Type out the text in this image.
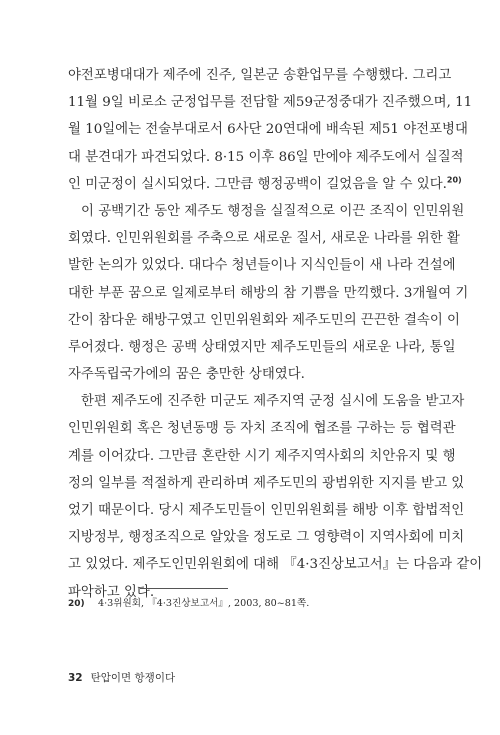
야전포병대대가 제주에 진주, 일본군 송환업무를 수행했다. 그리고
11월 9일 비로소 군정업무를 전담할 제59군정중대가 진주했으며, 11
월 10일에는 전술부대로서 6사단 20연대에 배속된 제51 야전포병대
대 분견대가 파견되었다. 8·15 이후 86일 만에야 제주도에서 실질적
인 미군정이 실시되었다. 그만큼 행정공백이 길었음을 알 수 있다.$^{20)}$
이 공백기간 동안 제주도 행정을 실질적으로 이끈 조직이 인민위원
회였다. 인민위원회를 주축으로 새로운 질서, 새로운 나라를 위한 활
발한 논의가 있었다. 대다수 청년들이나 지식인들이 새 나라 건설에
대한 부푼 꿈으로 일제로부터 해방의 참 기쁨을 만끽했다. 3개월여 기
간이 참다운 해방구였고 인민위원회와 제주도민의 끈끈한 결속이 이
루어졌다. 행정은 공백 상태였지만 제주도민들의 새로운 나라, 통일
자주독립국가에의 꿈은 충만한 상태였다.
한편 제주도에 진주한 미군도 제주지역 군정 실시에 도움을 받고자
인민위원회 혹은 청년동맹 등 자치 조직에 협조를 구하는 등 협력관
계를 이어갔다. 그만큼 혼란한 시기 제주지역사회의 치안유지 및 행
정의 일부를 적절하게 관리하며 제주도민의 광범위한 지지를 받고 있
었기 때문이다. 당시 제주도민들이 인민위원회를 해방 이후 합법적인
지방정부, 행정조직으로 알았을 정도로 그 영향력이 지역사회에 미치
고 있었다. 제주도인민위원회에 대해 『4·3진상보고서』는 다음과 같이
파악하고 있다.
20) 4·3위원회, 『4·3진상보고서』, 2003, 80~81쪽.
32 탄압이면 항쟁이다
